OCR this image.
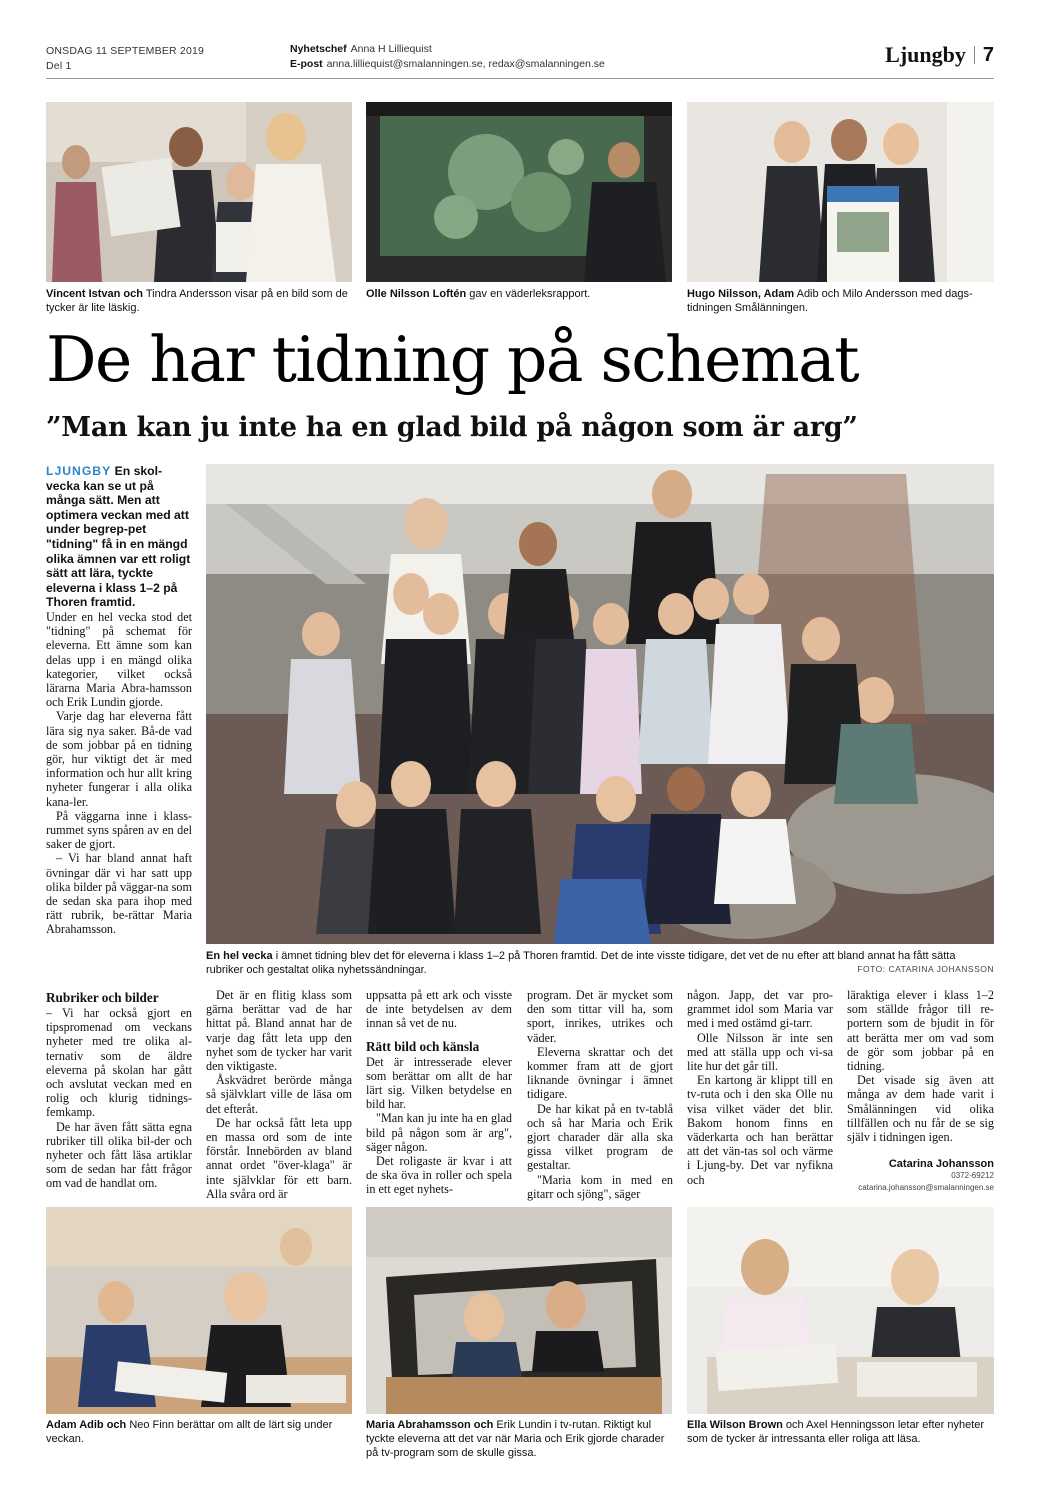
ONSDAG 11 SEPTEMBER 2019
Del 1
Nyhetschef Anna H Lilliequist
E-post anna.lilliequist@smalanningen.se, redax@smalanningen.se	Ljungby 7
Vincent Istvan och Tindra Andersson visar på en bild som de tycker är lite läskig.
Olle Nilsson Loftén gav en väderleksrapport.	Hugo Nilsson, Adam Adib och Milo Andersson med dags-tidningen Smålänningen.
De har tidning på schemat
”Man kan ju inte ha en glad bild på någon som är arg”
LJUNGBY En skol-vecka kan se ut på många sätt. Men att optimera veckan med att under begrep-pet "tidning" få in en mängd olika ämnen var ett roligt sätt att lära, tyckte eleverna i klass 1–2 på Thoren framtid.

Under en hel vecka stod det "tidning" på schemat för eleverna. Ett ämne som kan delas upp i en mängd olika kategorier, vilket också lärarna Maria Abra-hamsson och Erik Lundin gjorde.

Varje dag har eleverna fått lära sig nya saker. Bå-de vad de som jobbar på en tidning gör, hur viktigt det är med information och hur allt kring nyheter fungerar i alla olika kana-ler.

På väggarna inne i klass-rummet syns spåren av en del saker de gjort.

– Vi har bland annat haft övningar där vi har satt upp olika bilder på väggar-na som de sedan ska para ihop med rätt rubrik, be-rättar Maria Abrahamsson.

En hel vecka i ämnet tidning blev det för eleverna i klass 1–2 på Thoren framtid. Det de inte visste tidigare, det vet de nu efter att bland annat ha fått sätta rubriker och gestaltat olika nyhetssändningar.	FOTO: CATARINA JOHANSSON
Rubriker och bilder

– Vi har också gjort en tipspromenad om veckans nyheter med tre olika al-ternativ som de äldre eleverna på skolan har gått och avslutat veckan med en rolig och klurig tidnings-femkamp.

De har även fått sätta egna rubriker till olika bil-der och nyheter och fått läsa artiklar som de sedan har fått frågor om vad de handlat om.

Det är en flitig klass som gärna berättar vad de har hittat på. Bland annat har de varje dag fått leta upp den nyhet som de tycker har varit den viktigaste.

Åskvädret berörde många så självklart ville de läsa om det efteråt.

De har också fått leta upp en massa ord som de inte förstår. Innebörden av bland annat ordet "över-klaga" är inte självklar för ett barn. Alla svåra ord är

uppsatta på ett ark och visste de inte betydelsen av dem innan så vet de nu.

Rätt bild och känsla

Det är intresserade elever som berättar om allt de har lärt sig. Vilken betydelse en bild har.

"Man kan ju inte ha en glad bild på någon som är arg", säger någon.

Det roligaste är kvar i att de ska öva in roller och spela in ett eget nyhets-

program. Det är mycket som den som tittar vill ha, som sport, inrikes, utrikes och väder.

Eleverna skrattar och det kommer fram att de gjort liknande övningar i ämnet tidigare.

De har kikat på en tv-tablå och så har Maria och Erik gjort charader där alla ska gissa vilket program de gestaltar.

"Maria kom in med en gitarr och sjöng", säger

någon. Japp, det var pro-grammet idol som Maria var med i med ostämd gi-tarr.

Olle Nilsson är inte sen med att ställa upp och vi-sa lite hur det går till.

En kartong är klippt till en tv-ruta och i den ska Olle nu visa vilket väder det blir. Bakom honom finns en väderkarta och han berättar att det vän-tas sol och värme i Ljung-by. Det var nyfikna och

läraktiga elever i klass 1–2 som ställde frågor till re-portern som de bjudit in för att berätta mer om vad som de gör som jobbar på en tidning.

Det visade sig även att många av dem hade varit i Smålänningen vid olika tillfällen och nu får de se sig själv i tidningen igen.

Catarina Johansson
0372-69212
catarina.johansson@smalanningen.se
Adam Adib och Neo Finn berättar om allt de lärt sig under veckan.
Maria Abrahamsson och Erik Lundin i tv-rutan. Riktigt kul tyckte eleverna att det var när Maria och Erik gjorde charader på tv-program som de skulle gissa.
Ella Wilson Brown och Axel Henningsson letar efter nyheter som de tycker är intressanta eller roliga att läsa.
